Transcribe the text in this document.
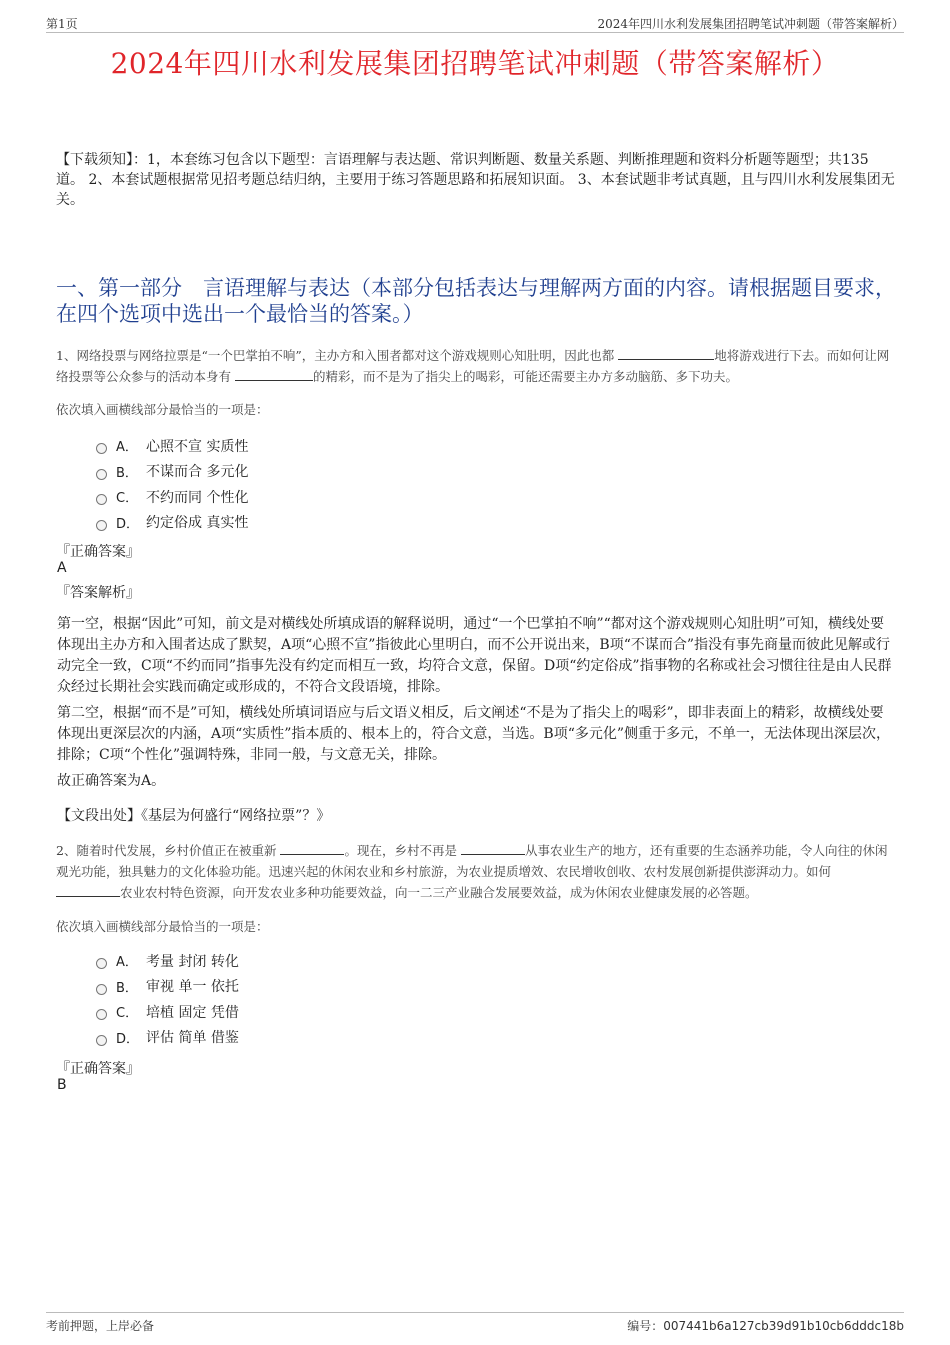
第1页	2024年四川水利发展集团招聘笔试冲刺题（带答案解析）
2024年四川水利发展集团招聘笔试冲刺题（带答案解析）
【下载须知】：1，本套练习包含以下题型：言语理解与表达题、常识判断题、数量关系题、判断推理题和资料分析题等题型；共135道。 2、本套试题根据常见招考题总结归纳，主要用于练习答题思路和拓展知识面。 3、本套试题非考试真题，且与四川水利发展集团无关。
一、第一部分　言语理解与表达（本部分包括表达与理解两方面的内容。请根据题目要求，在四个选项中选出一个最恰当的答案。）
1、网络投票与网络拉票是“一个巴掌拍不响”，主办方和入围者都对这个游戏规则心知肚明，因此也都	地将游戏进行下去。而如何让网络投票等公众参与的活动本身有	的精彩，而不是为了指尖上的喝彩，可能还需要主办方多动脑筋、多下功夫。
依次填入画横线部分最恰当的一项是：
A． 心照不宣 实质性
B． 不谋而合 多元化
C． 不约而同 个性化
D． 约定俗成 真实性
『正确答案』
A
『答案解析』
第一空，根据“因此”可知，前文是对横线处所填成语的解释说明，通过“一个巴掌拍不响”“都对这个游戏规则心知肚明”可知，横线处要体现出主办方和入围者达成了默契，A项“心照不宣”指彼此心里明白，而不公开说出来，B项“不谋而合”指没有事先商量而彼此见解或行动完全一致，C项“不约而同”指事先没有约定而相互一致，均符合文意，保留。D项“约定俗成”指事物的名称或社会习惯往往是由人民群众经过长期社会实践而确定或形成的，不符合文段语境，排除。
第二空，根据“而不是”可知，横线处所填词语应与后文语义相反，后文阐述“不是为了指尖上的喝彩”，即非表面上的精彩，故横线处要体现出更深层次的内涵，A项“实质性”指本质的、根本上的，符合文意，当选。B项“多元化”侧重于多元，不单一，无法体现出深层次，排除；C项“个性化”强调特殊，非同一般，与文意无关，排除。
故正确答案为A。
【文段出处】《基层为何盛行“网络拉票”？》
2、随着时代发展，乡村价值正在被重新	。现在，乡村不再是	从事农业生产的地方，还有重要的生态涵养功能，令人向往的休闲观光功能，独具魅力的文化体验功能。迅速兴起的休闲农业和乡村旅游，为农业提质增效、农民增收创收、农村发展创新提供澎湃动力。如何 农业农村特色资源，向开发农业多种功能要效益，向一二三产业融合发展要效益，成为休闲农业健康发展的必答题。
依次填入画横线部分最恰当的一项是：
A． 考量 封闭 转化
B． 审视 单一 依托
C． 培植 固定 凭借
D． 评估 简单 借鉴
『正确答案』
B
考前押题，上岸必备	编号：007441b6a127cb39d91b10cb6dddc18b
